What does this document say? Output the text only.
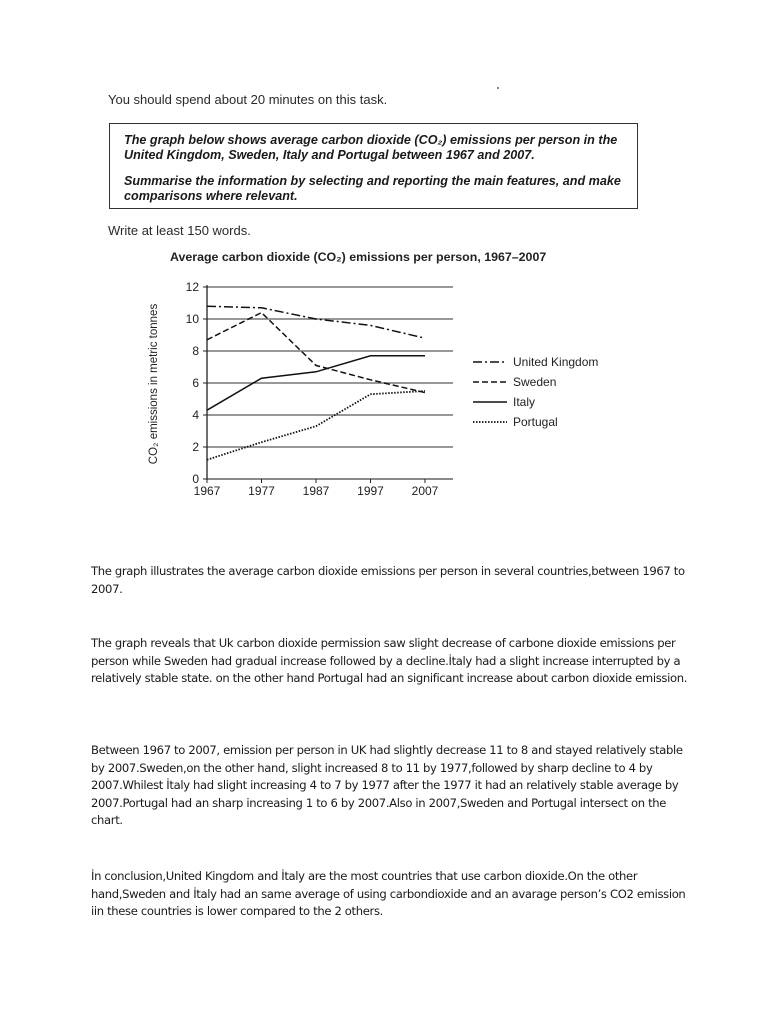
You should spend about 20 minutes on this task.

The graph below shows average carbon dioxide (CO₂) emissions per person in the United Kingdom, Sweden, Italy and Portugal between 1967 and 2007.

Summarise the information by selecting and reporting the main features, and make comparisons where relevant.

Write at least 150 words.
Average carbon dioxide (CO₂) emissions per person, 1967–2007
0
2
4
6
8
10
12
1967 1977 1987 1997 2007
CO₂ emissions in metric tonnes	United Kingdom
Sweden
Italy
Portugal

The graph illustrates the average carbon dioxide emissions per person in several countries,between 1967 to 2007.

The graph reveals that Uk carbon dioxide permission saw slight decrease of carbone dioxide emissions per person while Sweden had gradual increase followed by a decline.İtaly had a slight increase interrupted by a relatively stable state. on the other hand Portugal had an significant increase about carbon dioxide emission.

Between 1967 to 2007, emission per person in UK had slightly decrease 11 to 8 and stayed relatively stable by 2007.Sweden,on the other hand, slight increased 8 to 11 by 1977,followed by sharp decline to 4 by 2007.Whilest İtaly had slight increasing 4 to 7 by 1977 after the 1977 it had an relatively stable average by 2007.Portugal had an sharp increasing 1 to 6 by 2007.Also in 2007,Sweden and Portugal intersect on the chart.

İn conclusion,United Kingdom and İtaly are the most countries that use carbon dioxide.On the other hand,Sweden and İtaly had an same average of using carbondioxide and an avarage person’s CO2 emission iin these countries is lower compared to the 2 others.
